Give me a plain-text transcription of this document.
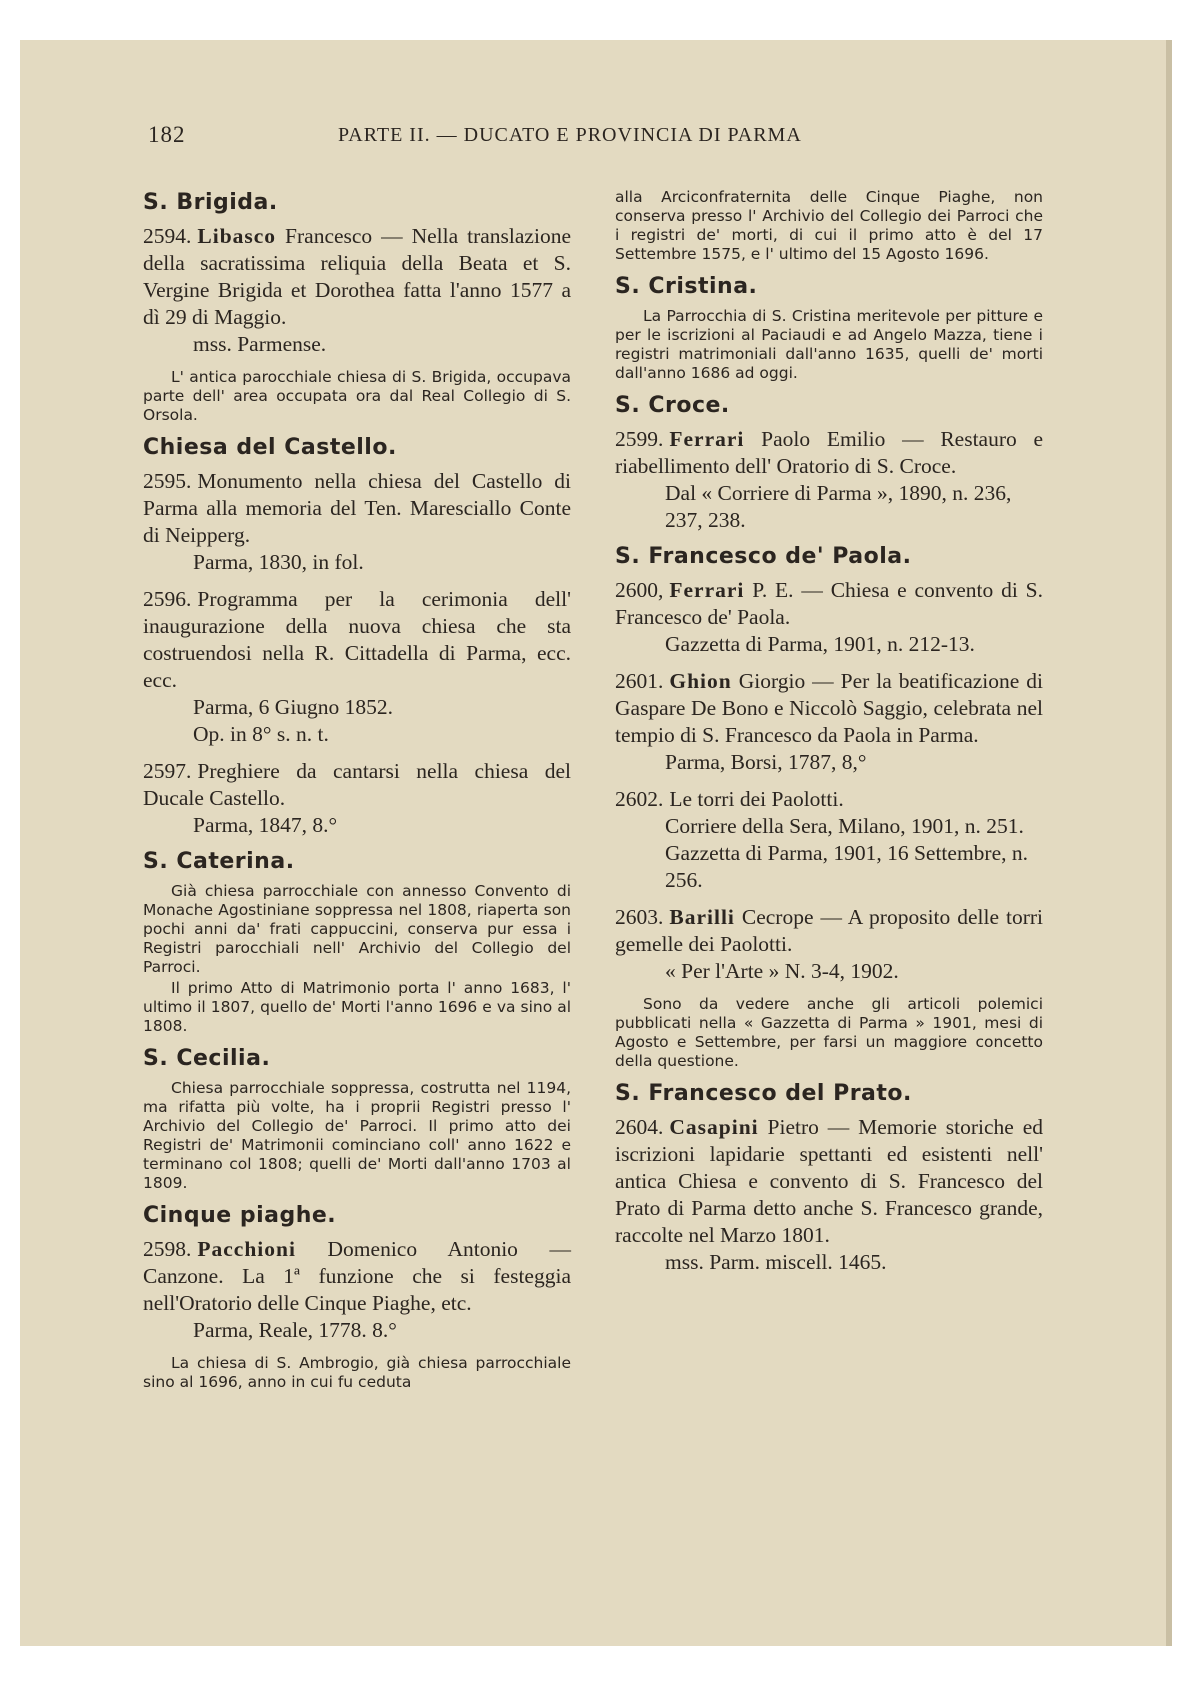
182	PARTE II. — DUCATO E PROVINCIA DI PARMA
S. Brigida.

2594. Libasco Francesco — Nella translazione della sacratissima reliquia della Beata et S. Vergine Brigida et Dorothea fatta l'anno 1577 a dì 29 di Maggio.
mss. Parmense.

L' antica parocchiale chiesa di S. Brigida, occupava parte dell' area occupata ora dal Real Collegio di S. Orsola.

Chiesa del Castello.

2595. Monumento nella chiesa del Castello di Parma alla memoria del Ten. Maresciallo Conte di Neipperg.
Parma, 1830, in fol.

2596. Programma per la cerimonia dell' inaugurazione della nuova chiesa che sta costruendosi nella R. Cittadella di Parma, ecc. ecc.
Parma, 6 Giugno 1852.
Op. in 8° s. n. t.

2597. Preghiere da cantarsi nella chiesa del Ducale Castello.
Parma, 1847, 8.°

S. Caterina.

Già chiesa parrocchiale con annesso Convento di Monache Agostiniane soppressa nel 1808, riaperta son pochi anni da' frati cappuccini, conserva pur essa i Registri parocchiali nell' Archivio del Collegio del Parroci.

Il primo Atto di Matrimonio porta l' anno 1683, l' ultimo il 1807, quello de' Morti l'anno 1696 e va sino al 1808.

S. Cecilia.

Chiesa parrocchiale soppressa, costrutta nel 1194, ma rifatta più volte, ha i proprii Registri presso l' Archivio del Collegio de' Parroci. Il primo atto dei Registri de' Matrimonii cominciano coll' anno 1622 e terminano col 1808; quelli de' Morti dall'anno 1703 al 1809.

Cinque piaghe.

2598. Pacchioni Domenico Antonio — Canzone. La 1ª funzione che si festeggia nell'Oratorio delle Cinque Piaghe, etc.
Parma, Reale, 1778. 8.°

La chiesa di S. Ambrogio, già chiesa parrocchiale sino al 1696, anno in cui fu ceduta

alla Arciconfraternita delle Cinque Piaghe, non conserva presso l' Archivio del Collegio dei Parroci che i registri de' morti, di cui il primo atto è del 17 Settembre 1575, e l' ultimo del 15 Agosto 1696.

S. Cristina.

La Parrocchia di S. Cristina meritevole per pitture e per le iscrizioni al Paciaudi e ad Angelo Mazza, tiene i registri matrimoniali dall'anno 1635, quelli de' morti dall'anno 1686 ad oggi.

S. Croce.

2599. Ferrari Paolo Emilio — Restauro e riabellimento dell' Oratorio di S. Croce.
Dal « Corriere di Parma », 1890, n. 236, 237, 238.

S. Francesco de' Paola.

2600, Ferrari P. E. — Chiesa e convento di S. Francesco de' Paola.
Gazzetta di Parma, 1901, n. 212-13.

2601. Ghion Giorgio — Per la beatificazione di Gaspare De Bono e Niccolò Saggio, celebrata nel tempio di S. Francesco da Paola in Parma.
Parma, Borsi, 1787, 8,°

2602. Le torri dei Paolotti.
Corriere della Sera, Milano, 1901, n. 251.
Gazzetta di Parma, 1901, 16 Settembre, n. 256.

2603. Barilli Cecrope — A proposito delle torri gemelle dei Paolotti.
« Per l'Arte » N. 3-4, 1902.

Sono da vedere anche gli articoli polemici pubblicati nella « Gazzetta di Parma » 1901, mesi di Agosto e Settembre, per farsi un maggiore concetto della questione.

S. Francesco del Prato.

2604. Casapini Pietro — Memorie storiche ed iscrizioni lapidarie spettanti ed esistenti nell' antica Chiesa e convento di S. Francesco del Prato di Parma detto anche S. Francesco grande, raccolte nel Marzo 1801.
mss. Parm. miscell. 1465.
